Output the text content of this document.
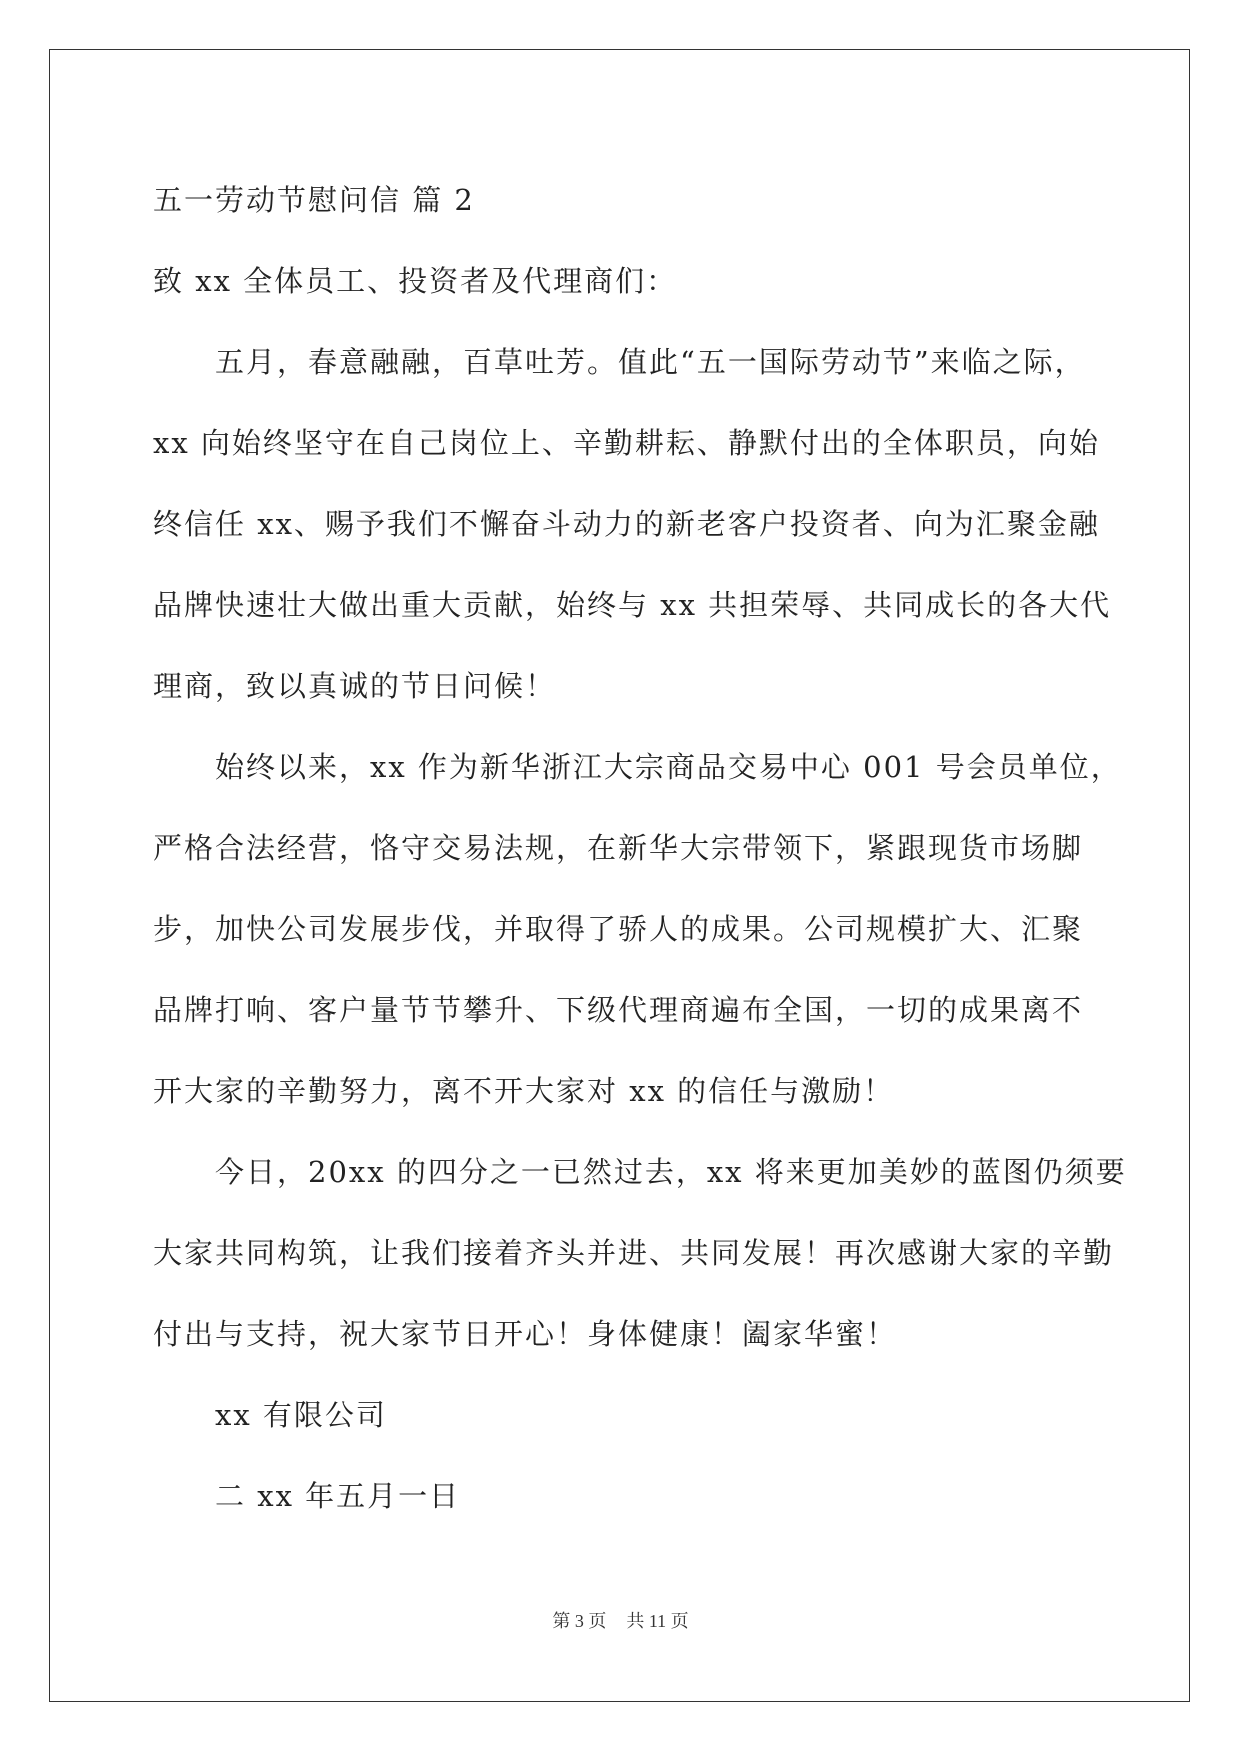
五一劳动节慰问信 篇 2

致 xx 全体员工、投资者及代理商们：

五月，春意融融，百草吐芳。值此“五一国际劳动节”来临之际，

xx 向始终坚守在自己岗位上、辛勤耕耘、静默付出的全体职员，向始

终信任 xx、赐予我们不懈奋斗动力的新老客户投资者、向为汇聚金融

品牌快速壮大做出重大贡献，始终与 xx 共担荣辱、共同成长的各大代

理商，致以真诚的节日问候！

始终以来，xx 作为新华浙江大宗商品交易中心 001 号会员单位，

严格合法经营，恪守交易法规，在新华大宗带领下，紧跟现货市场脚

步，加快公司发展步伐，并取得了骄人的成果。公司规模扩大、汇聚

品牌打响、客户量节节攀升、下级代理商遍布全国，一切的成果离不

开大家的辛勤努力，离不开大家对 xx 的信任与激励！

今日，20xx 的四分之一已然过去，xx 将来更加美妙的蓝图仍须要

大家共同构筑，让我们接着齐头并进、共同发展！再次感谢大家的辛勤

付出与支持，祝大家节日开心！身体健康！阖家华蜜！

xx 有限公司

二 xx 年五月一日

第 3 页 共 11 页
